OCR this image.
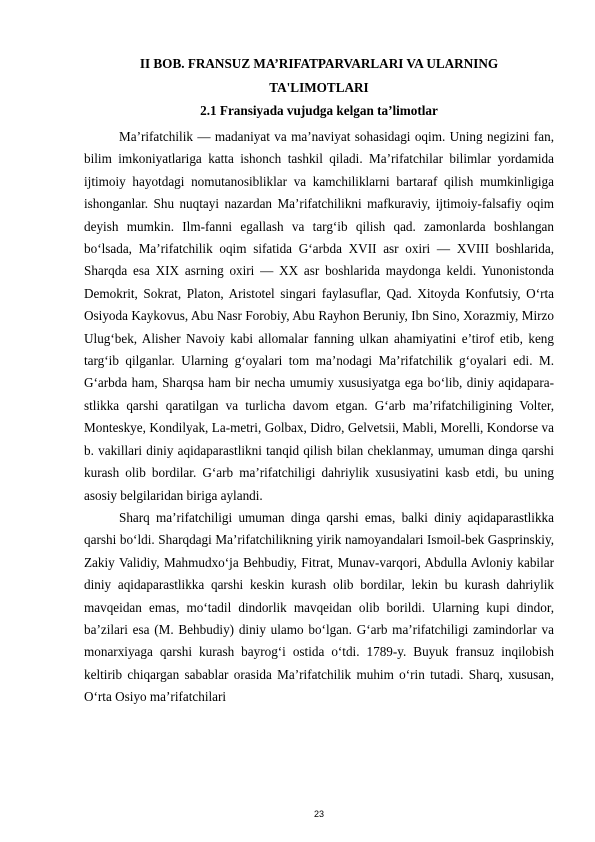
II BOB. FRANSUZ MA’RIFATPARVARLARI VA ULARNING
TA'LIMOTLARI
2.1 Fransiyada vujudga kelgan ta’limotlar

Ma’rifatchilik — madaniyat va ma’naviyat sohasidagi oqim. Uning negizini fan, bilim imkoniyatlariga katta ishonch tashkil qiladi. Ma’rifatchilar bilimlar yordamida ijtimoiy hayotdagi nomutanosibliklar va kamchiliklarni bartaraf qilish mumkinligiga ishonganlar. Shu nuqtayi nazardan Ma’rifatchilikni mafkuraviy, ijtimoiy-falsafiy oqim deyish mumkin. Ilm-fanni egallash va targ‘ib qilish qad. zamonlarda boshlangan bo‘lsada, Ma’rifatchilik oqim sifatida G‘arbda XVII asr oxiri — XVIII boshlarida, Sharqda esa XIX asrning oxiri — XX asr boshlarida maydonga keldi. Yunonistonda Demokrit, Sokrat, Platon, Aristotel singari faylasuflar, Qad. Xitoyda Konfutsiy, O‘rta Osiyoda Kaykovus, Abu Nasr Forobiy, Abu Rayhon Beruniy, Ibn Sino, Xorazmiy, Mirzo Ulug‘bek, Alisher Navoiy kabi allomalar fanning ulkan ahamiyatini e’tirof etib, keng targ‘ib qilganlar. Ularning g‘oyalari tom ma’nodagi Ma’rifatchilik g‘oyalari edi. M. G‘arbda ham, Sharqsa ham bir necha umumiy xususiyatga ega bo‘lib, diniy aqidapara-stlikka qarshi qaratilgan va turlicha davom etgan. G‘arb ma’rifatchiligining Volter, Monteskye, Kondilyak, La-metri, Golbax, Didro, Gelvetsii, Mabli, Morelli, Kondorse va b. vakillari diniy aqidaparastlikni tanqid qilish bilan cheklanmay, umuman dinga qarshi kurash olib bordilar. G‘arb ma’rifatchiligi dahriylik xususiyatini kasb etdi, bu uning asosiy belgilaridan biriga aylandi.

Sharq ma’rifatchiligi umuman dinga qarshi emas, balki diniy aqidaparastlikka qarshi bo‘ldi. Sharqdagi Ma’rifatchilikning yirik namoyandalari Ismoil-bek Gasprinskiy, Zakiy Validiy, Mahmudxo‘ja Behbudiy, Fitrat, Munav-varqori, Abdulla Avloniy kabilar diniy aqidaparastlikka qarshi keskin kurash olib bordilar, lekin bu kurash dahriylik mavqeidan emas, mo‘tadil dindorlik mavqeidan olib borildi. Ularning kupi dindor, ba’zilari esa (M. Behbudiy) diniy ulamo bo‘lgan. G‘arb ma’rifatchiligi zamindorlar va monarxiyaga qarshi kurash bayrog‘i ostida o‘tdi. 1789-y. Buyuk fransuz inqilobish keltirib chiqargan sabablar orasida Ma’rifatchilik muhim o‘rin tutadi. Sharq, xususan, O‘rta Osiyo ma’rifatchilari

23
